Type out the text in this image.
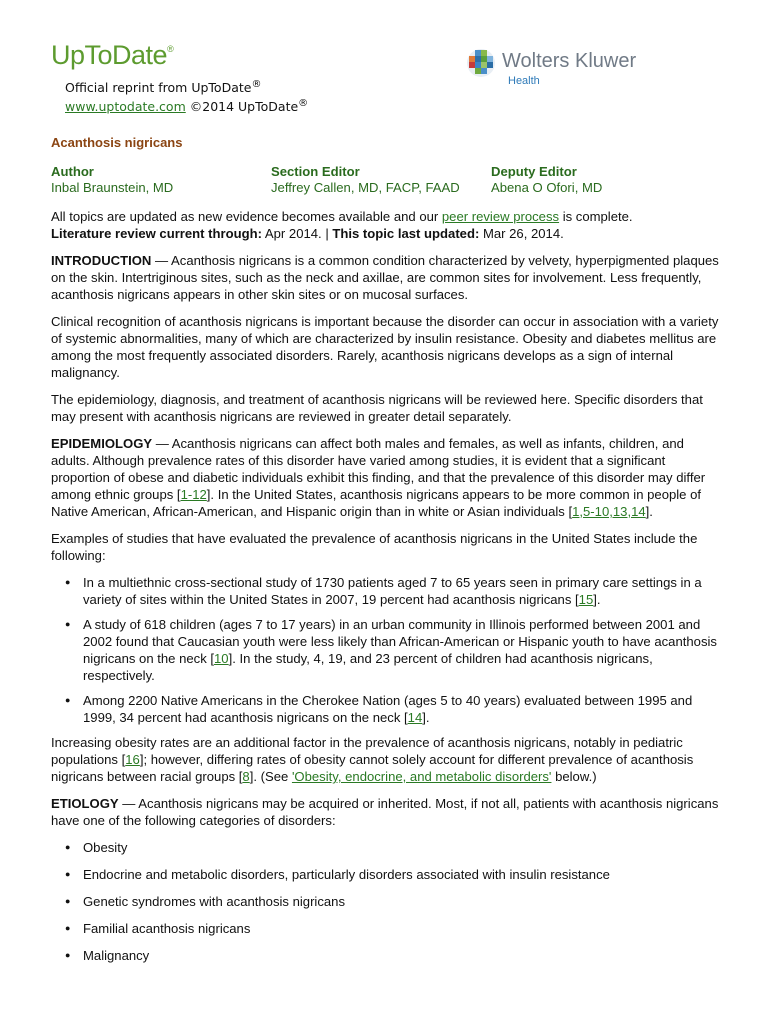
UpToDate®
Official reprint from UpToDate®
www.uptodate.com ©2014 UpToDate®
Wolters Kluwer
Health
Acanthosis nigricans
Author
Inbal Braunstein, MD
Section Editor
Jeffrey Callen, MD, FACP, FAAD
Deputy Editor
Abena O Ofori, MD

All topics are updated as new evidence becomes available and our peer review process is complete.
Literature review current through: Apr 2014. | This topic last updated: Mar 26, 2014.

INTRODUCTION — Acanthosis nigricans is a common condition characterized by velvety, hyperpigmented plaques on the skin. Intertriginous sites, such as the neck and axillae, are common sites for involvement. Less frequently, acanthosis nigricans appears in other skin sites or on mucosal surfaces.

Clinical recognition of acanthosis nigricans is important because the disorder can occur in association with a variety of systemic abnormalities, many of which are characterized by insulin resistance. Obesity and diabetes mellitus are among the most frequently associated disorders. Rarely, acanthosis nigricans develops as a sign of internal malignancy.

The epidemiology, diagnosis, and treatment of acanthosis nigricans will be reviewed here. Specific disorders that may present with acanthosis nigricans are reviewed in greater detail separately.

EPIDEMIOLOGY — Acanthosis nigricans can affect both males and females, as well as infants, children, and adults. Although prevalence rates of this disorder have varied among studies, it is evident that a significant proportion of obese and diabetic individuals exhibit this finding, and that the prevalence of this disorder may differ among ethnic groups [1-12]. In the United States, acanthosis nigricans appears to be more common in people of Native American, African-American, and Hispanic origin than in white or Asian individuals [1,5-10,13,14].

Examples of studies that have evaluated the prevalence of acanthosis nigricans in the United States include the following:

● In a multiethnic cross-sectional study of 1730 patients aged 7 to 65 years seen in primary care settings in a variety of sites within the United States in 2007, 19 percent had acanthosis nigricans [15].
● A study of 618 children (ages 7 to 17 years) in an urban community in Illinois performed between 2001 and 2002 found that Caucasian youth were less likely than African-American or Hispanic youth to have acanthosis nigricans on the neck [10]. In the study, 4, 19, and 23 percent of children had acanthosis nigricans, respectively.
● Among 2200 Native Americans in the Cherokee Nation (ages 5 to 40 years) evaluated between 1995 and 1999, 34 percent had acanthosis nigricans on the neck [14].

Increasing obesity rates are an additional factor in the prevalence of acanthosis nigricans, notably in pediatric populations [16]; however, differing rates of obesity cannot solely account for different prevalence of acanthosis nigricans between racial groups [8]. (See 'Obesity, endocrine, and metabolic disorders' below.)

ETIOLOGY — Acanthosis nigricans may be acquired or inherited. Most, if not all, patients with acanthosis nigricans have one of the following categories of disorders:

● Obesity
● Endocrine and metabolic disorders, particularly disorders associated with insulin resistance
● Genetic syndromes with acanthosis nigricans
● Familial acanthosis nigricans
● Malignancy
